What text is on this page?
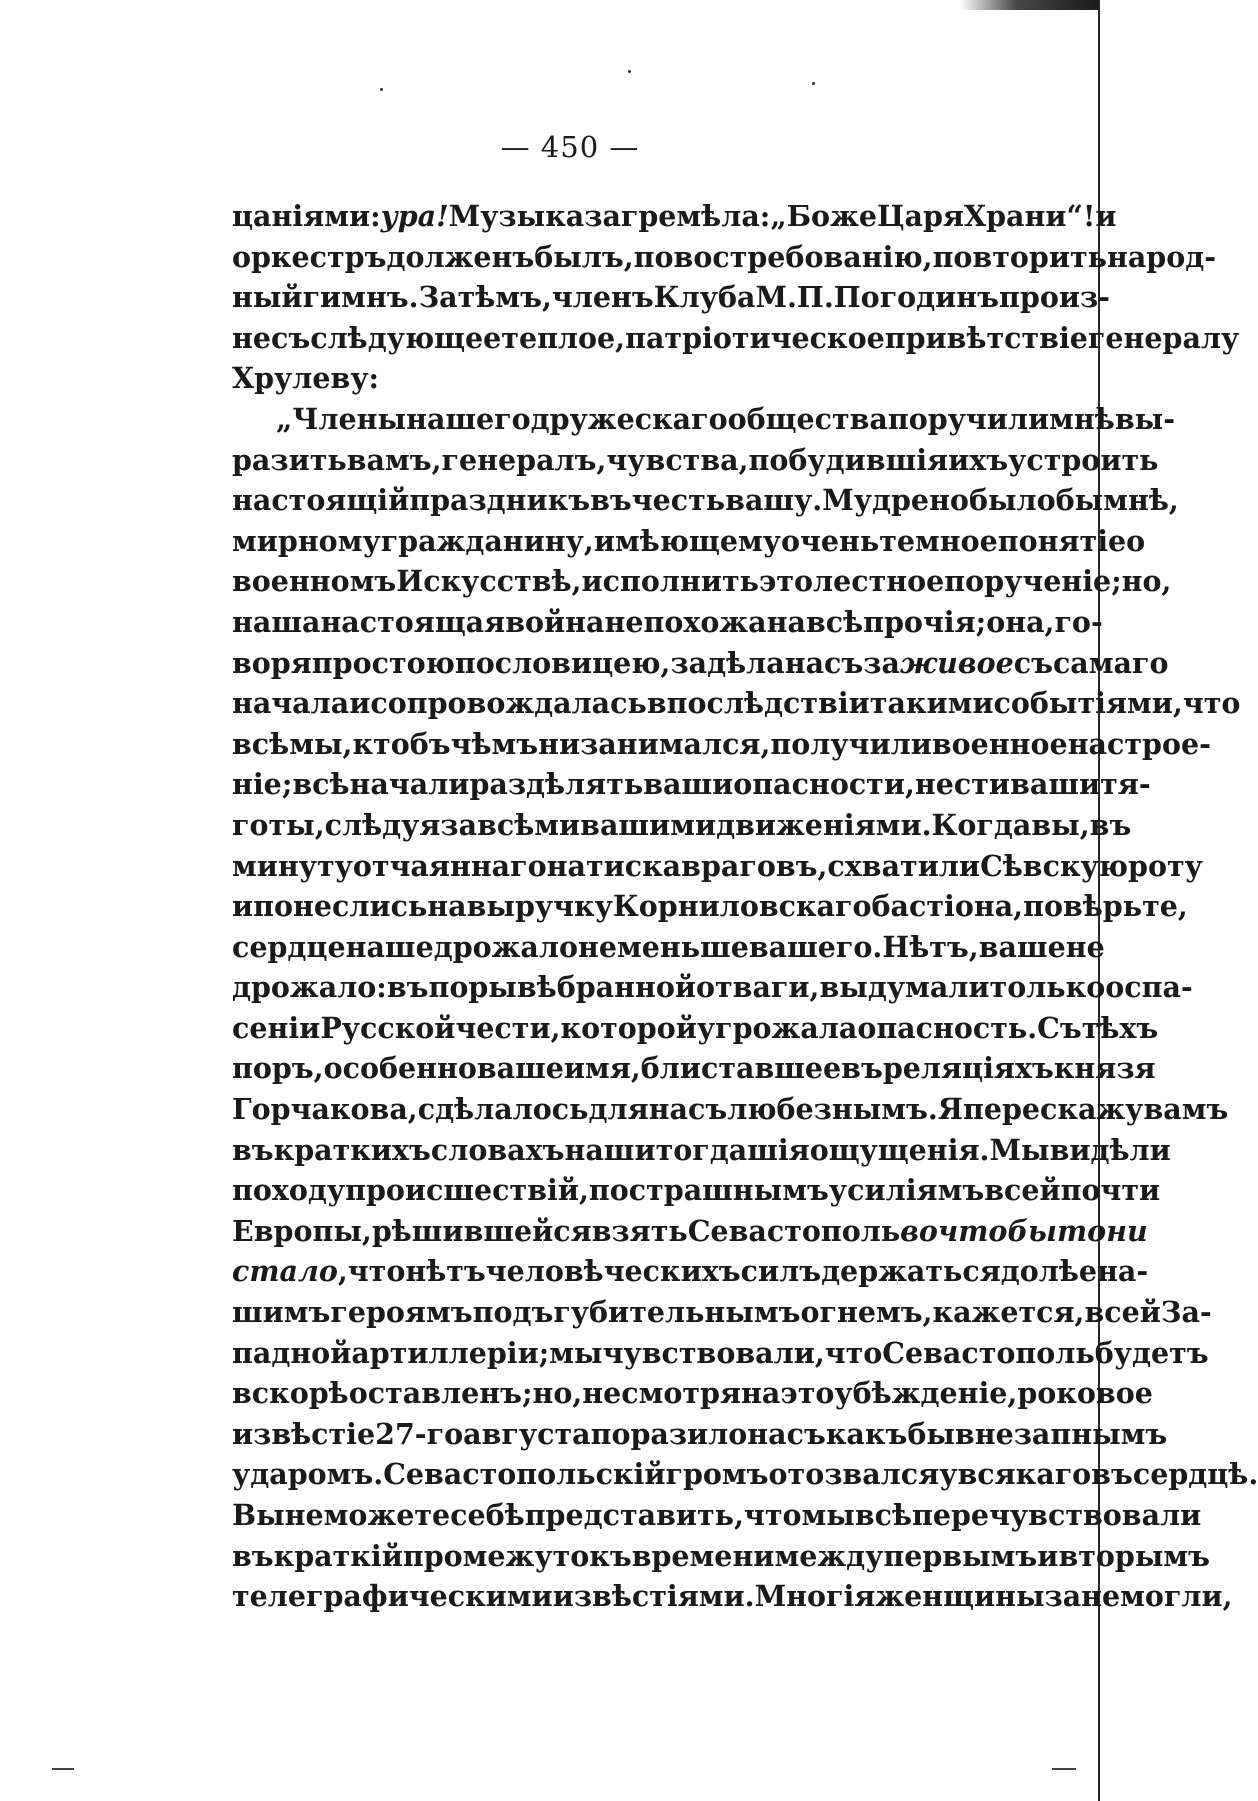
— 450 —
цанiями: ура! Музыка загремѣла: „Боже Царя Храни“! и
оркестръ долженъ былъ, по востребованiю, повторить народ-
ный гимнъ. За тѣмъ, членъ Клуба М. П. Погодинъ произ-
несъ слѣдующее теплое, патрiотическое привѣтствiе генералу
Хрулеву:
„Члены нашего дружескаго общества поручили мнѣ вы-
разить вамъ, генералъ, чувства, побудившiя ихъ устроить
настоящiй праздникъ въ честь вашу. Мудрено было бы мнѣ,
мирному гражданину, имѣющему очень темное понятiе о
военномъ Искусствѣ, исполнить это лестное порученiе; но,
наша настоящая война не похожа на всѣ прочiя; она, го-
воря простою пословицею, задѣла насъ за живое съ самаго
начала и сопровождалась впослѣдствiи такими событiями, что
всѣ мы, ктобъ чѣмъ ни занимался, получили военное настрое-
нiе; всѣ начали раздѣлять ваши опасности, нести ваши тя-
готы, слѣдуя за всѣми вашими движенiями. Когда вы, въ
минуту отчаяннаго натиска враговъ, схватили Сѣвскую роту
и понеслись на выручку Корниловскаго бастiона, повѣрьте,
сердце наше дрожало не меньше вашего. Нѣтъ, ваше не
дрожало: въ порывѣ бранной отваги, вы думали только о спа-
сенiи Русской чести, которой угрожала опасность. Съ тѣхъ
поръ, особенно ваше имя, блиставшее въ реляцiяхъ князя
Горчакова, сдѣлалось для насъ любезнымъ. Я перескажу вамъ
въ краткихъ словахъ наши тогдашiя ощущенiя. Мы видѣли
по ходу происшествiй, по страшнымъ усилiямъ всей почти
Европы, рѣшившейся взять Севастополь во чтобы то ни
стало, что нѣтъ человѣческихъ силъ держаться долѣе на-
шимъ героямъ подъ губительнымъ огнемъ, кажется, всей За-
падной артиллерiи; мы чувствовали, что Севастополь будетъ
вскорѣ оставленъ; но, не смотря на это убѣжденiе, роковое
извѣстiе 27-го августа поразило насъ какъ бы внезапнымъ
ударомъ. Севастопольскiй громъ отозвался у всякаго въ сердцѣ.
Вы не можете себѣ представить, что мы всѣ перечувствовали
въ краткiй промежутокъ времени между первымъ и вторымъ
телеграфическими извѣстiями. Многiя женщины занемогли,
